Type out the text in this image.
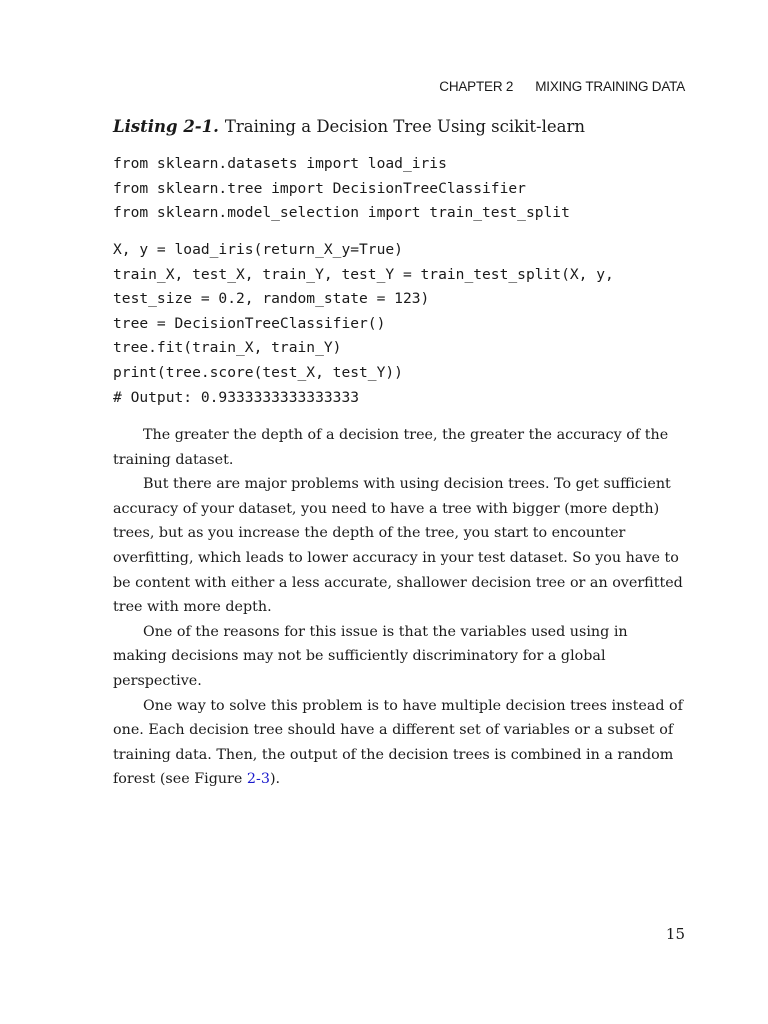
CHAPTER 2 MIXING TRAINING DATA
Listing 2-1. Training a Decision Tree Using scikit-learn
from sklearn.datasets import load_iris
from sklearn.tree import DecisionTreeClassifier
from sklearn.model_selection import train_test_split
X, y = load_iris(return_X_y=True)
train_X, test_X, train_Y, test_Y = train_test_split(X, y,
test_size = 0.2, random_state = 123)
tree = DecisionTreeClassifier()
tree.fit(train_X, train_Y)
print(tree.score(test_X, test_Y))
# Output: 0.9333333333333333

The greater the depth of a decision tree, the greater the accuracy of the training dataset.

But there are major problems with using decision trees. To get sufficient accuracy of your dataset, you need to have a tree with bigger (more depth) trees, but as you increase the depth of the tree, you start to encounter overfitting, which leads to lower accuracy in your test dataset. So you have to be content with either a less accurate, shallower decision tree or an overfitted tree with more depth.

One of the reasons for this issue is that the variables used using in making decisions may not be sufficiently discriminatory for a global perspective.

One way to solve this problem is to have multiple decision trees instead of one. Each decision tree should have a different set of variables or a subset of training data. Then, the output of the decision trees is combined in a random forest (see Figure 2-3).

15
